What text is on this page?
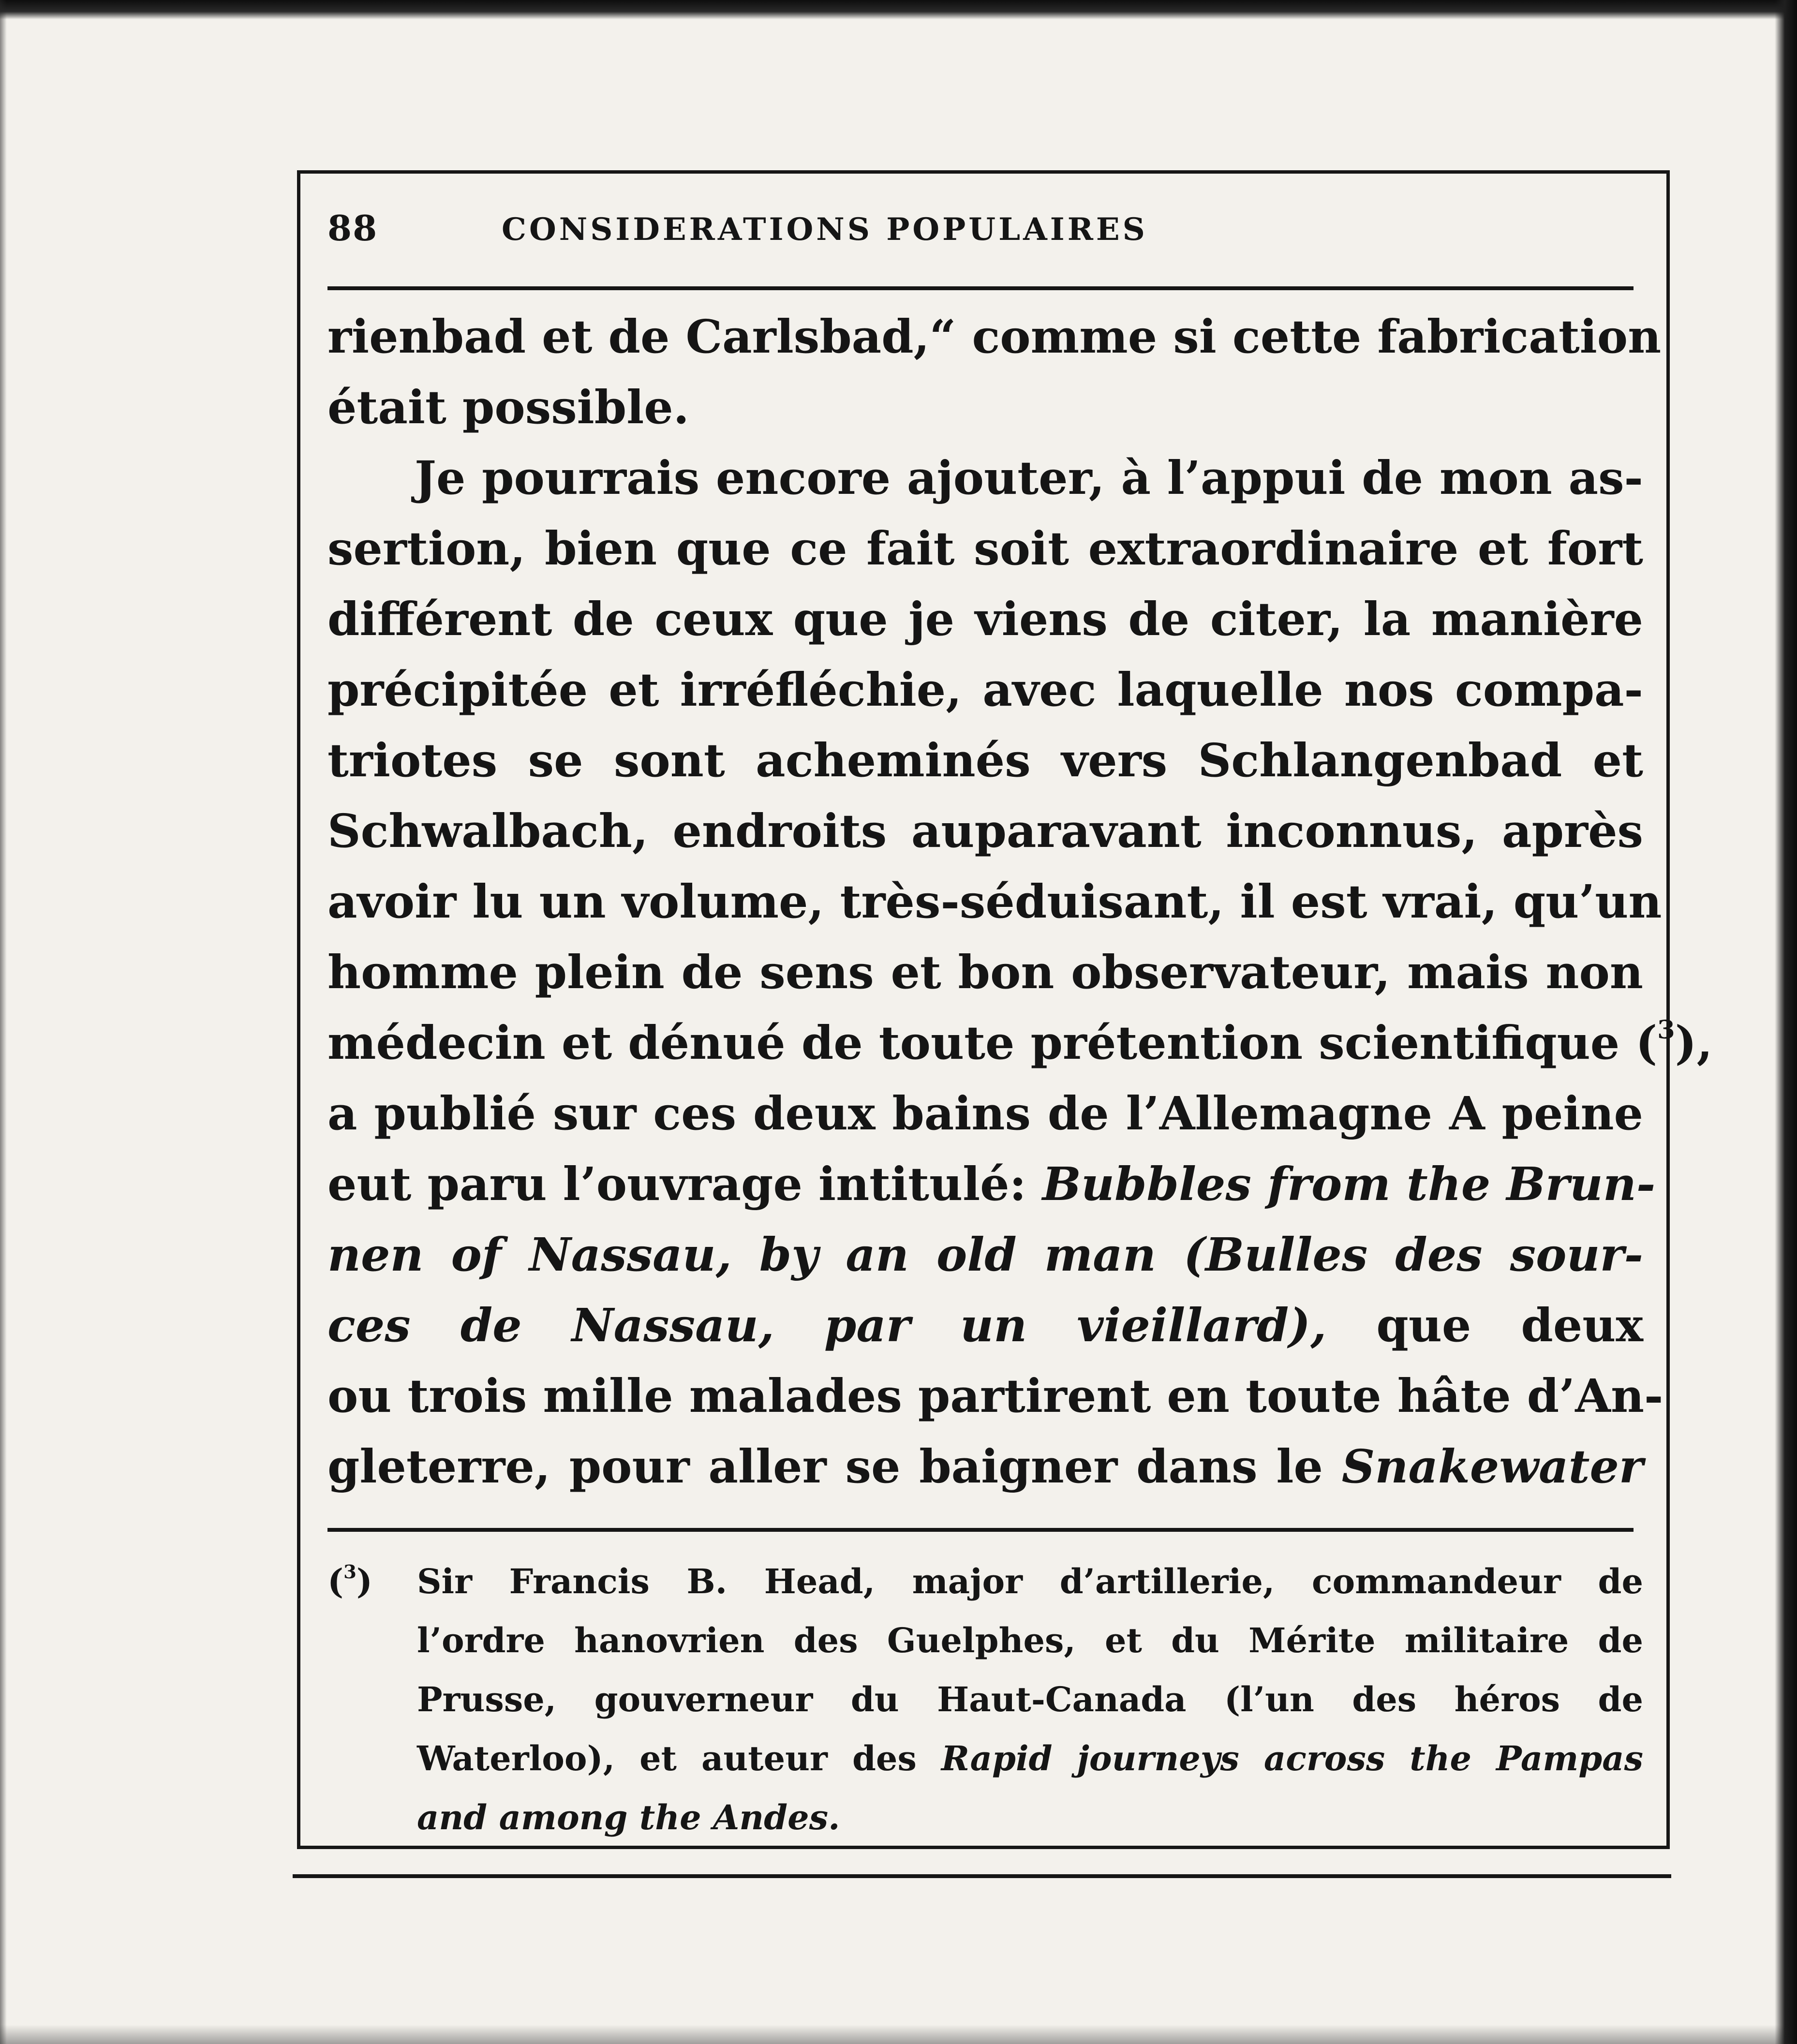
88	CONSIDERATIONS POPULAIRES
rienbad et de Carlsbad,“ comme si cette fabrication
était possible.
Je pourrais encore ajouter, à l’appui de mon as-
sertion, bien que ce fait soit extraordinaire et fort
différent de ceux que je viens de citer, la manière
précipitée et irréfléchie, avec laquelle nos compa-
triotes se sont acheminés vers Schlangenbad et
Schwalbach, endroits auparavant inconnus, après
avoir lu un volume, très-séduisant, il est vrai, qu’un
homme plein de sens et bon observateur, mais non
médecin et dénué de toute prétention scientifique ($^3$),
a publié sur ces deux bains de l’Allemagne A peine
eut paru l’ouvrage intitulé: Bubbles from the Brun-
nen of Nassau, by an old man (Bulles des sour-
ces de Nassau, par un vieillard), que deux
ou trois mille malades partirent en toute hâte d’An-
gleterre, pour aller se baigner dans le Snakewater
($^3$) Sir Francis B. Head, major d’artillerie, commandeur de
l’ordre hanovrien des Guelphes, et du Mérite militaire de
Prusse, gouverneur du Haut-Canada (l’un des héros de
Waterloo), et auteur des Rapid journeys across the Pampas
and among the Andes.
